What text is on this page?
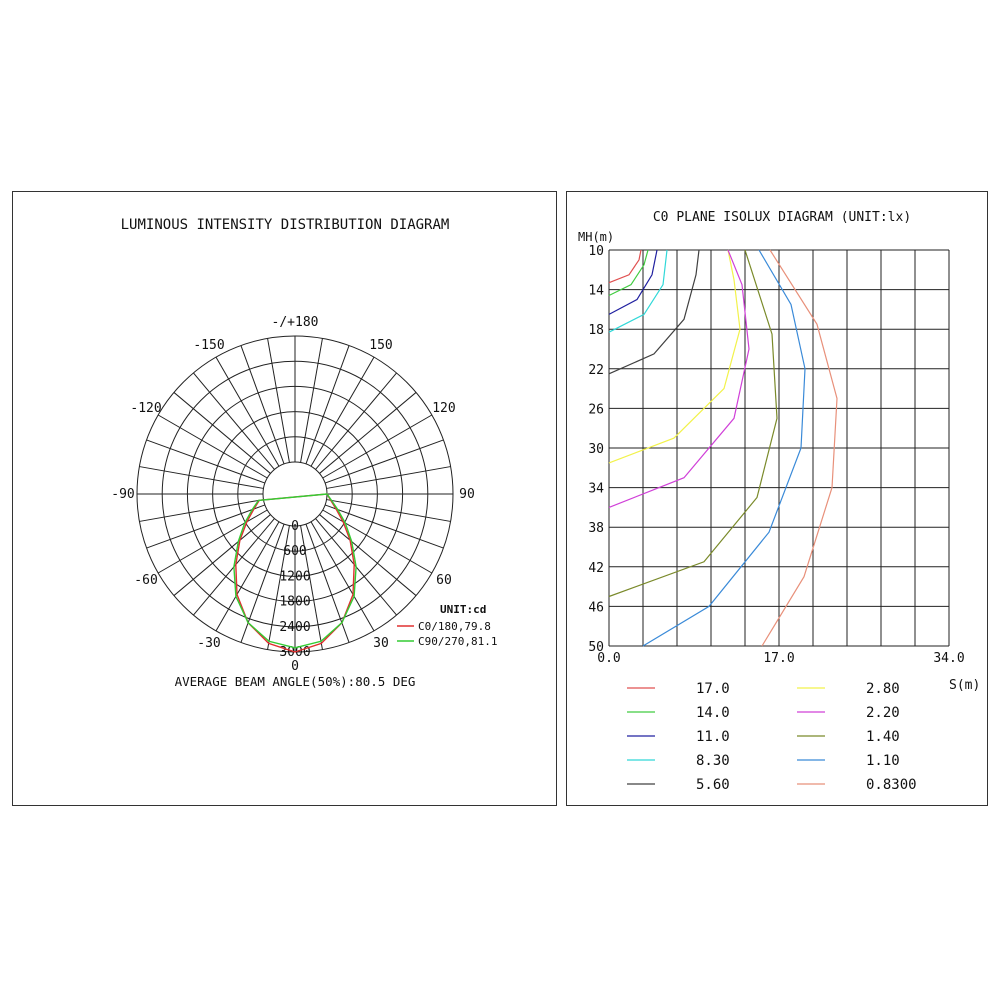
LUMINOUS INTENSITY DISTRIBUTION DIAGRAM
-/+180
150
120
90
60
30
0
-30
-60
-90
-120
-150
0
600
1200
1800
2400
3000
UNIT:cd
C0/180,79.8
C90/270,81.1
AVERAGE BEAM ANGLE(50%):80.5 DEG
C0 PLANE ISOLUX DIAGRAM (UNIT:lx)
MH(m)
10
14
18
22
26
30
34
38
42
46
50
0.0	17.0	34.0
S(m)
17.0
14.0
11.0
8.30
5.60
2.80
2.20
1.40
1.10
0.8300
